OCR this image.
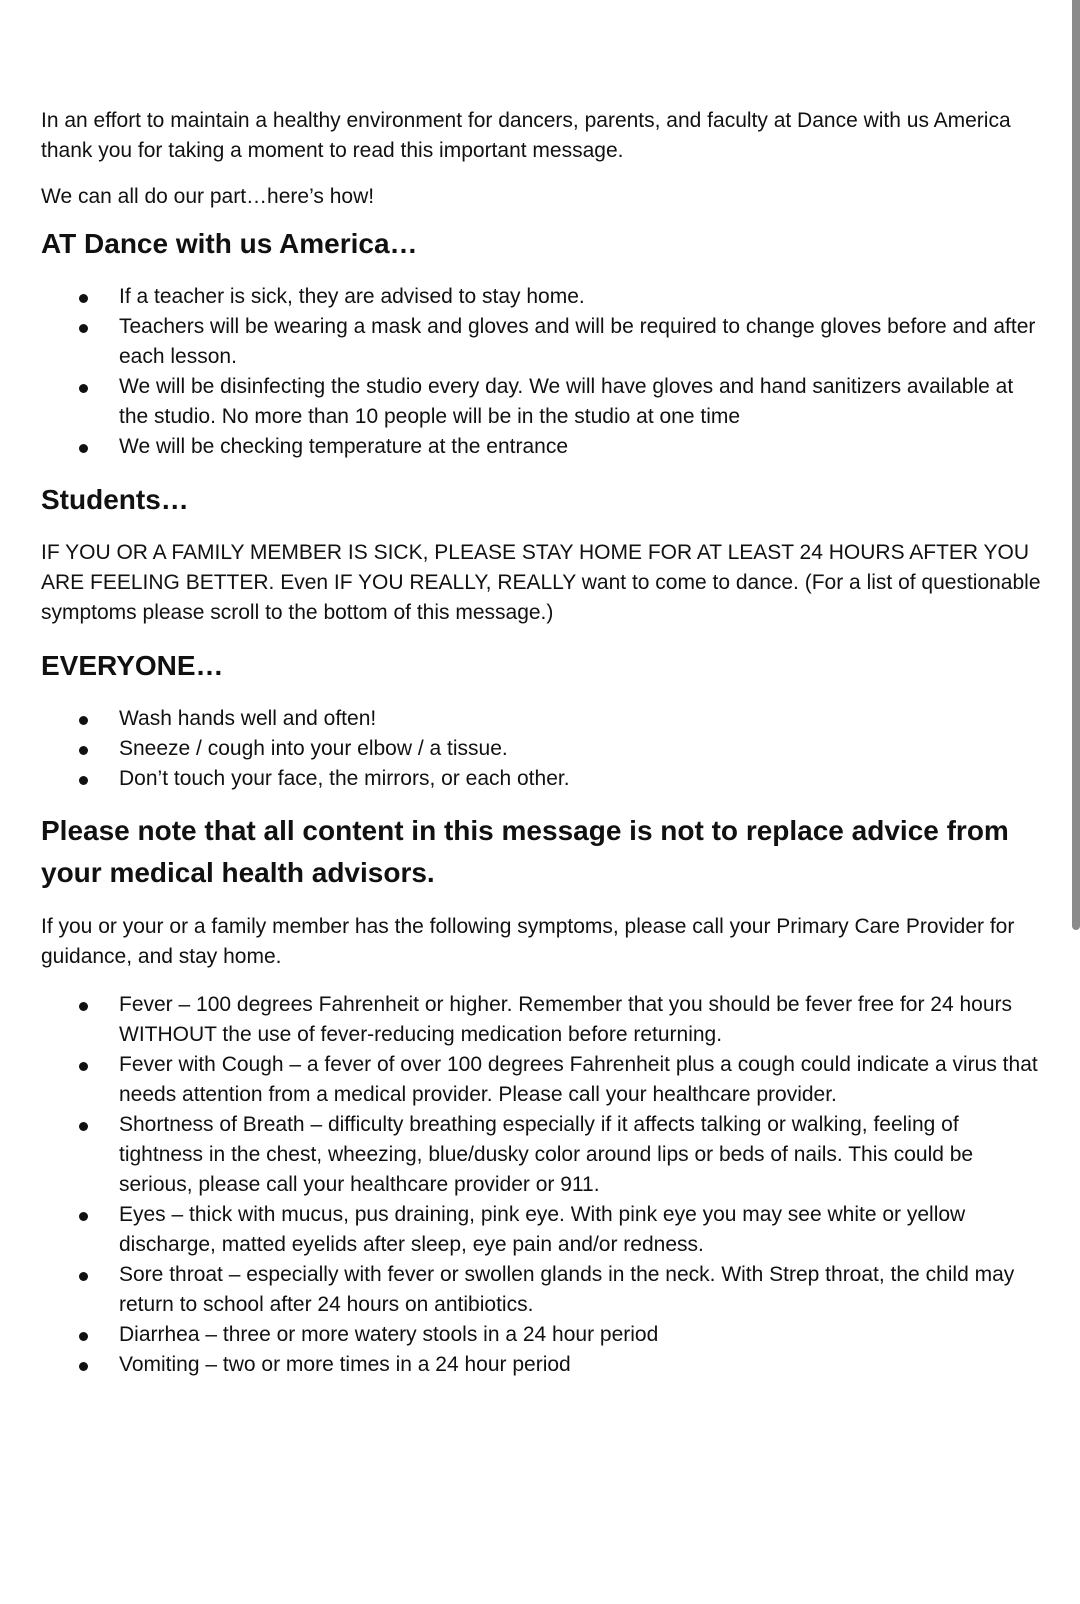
In an effort to maintain a healthy environment for dancers, parents, and faculty at Dance with us America thank you for taking a moment to read this important message.

We can all do our part…here’s how!

AT Dance with us America…
If a teacher is sick, they are advised to stay home.
Teachers will be wearing a mask and gloves and will be required to change gloves before and after each lesson.
We will be disinfecting the studio every day. We will have gloves and hand sanitizers available at the studio. No more than 10 people will be in the studio at one time
We will be checking temperature at the entrance
Students…

IF YOU OR A FAMILY MEMBER IS SICK, PLEASE STAY HOME FOR AT LEAST 24 HOURS AFTER YOU ARE FEELING BETTER. Even IF YOU REALLY, REALLY want to come to dance. (For a list of questionable symptoms please scroll to the bottom of this message.)

EVERYONE…
Wash hands well and often!
Sneeze / cough into your elbow / a tissue.
Don’t touch your face, the mirrors, or each other.
Please note that all content in this message is not to replace advice from your medical health advisors.

If you or your or a family member has the following symptoms, please call your Primary Care Provider for guidance, and stay home.

Fever – 100 degrees Fahrenheit or higher. Remember that you should be fever free for 24 hours WITHOUT the use of fever-reducing medication before returning.
Fever with Cough – a fever of over 100 degrees Fahrenheit plus a cough could indicate a virus that needs attention from a medical provider. Please call your healthcare provider.
Shortness of Breath – difficulty breathing especially if it affects talking or walking, feeling of tightness in the chest, wheezing, blue/dusky color around lips or beds of nails. This could be serious, please call your healthcare provider or 911.
Eyes – thick with mucus, pus draining, pink eye. With pink eye you may see white or yellow discharge, matted eyelids after sleep, eye pain and/or redness.
Sore throat – especially with fever or swollen glands in the neck. With Strep throat, the child may return to school after 24 hours on antibiotics.
Diarrhea – three or more watery stools in a 24 hour period
Vomiting – two or more times in a 24 hour period
